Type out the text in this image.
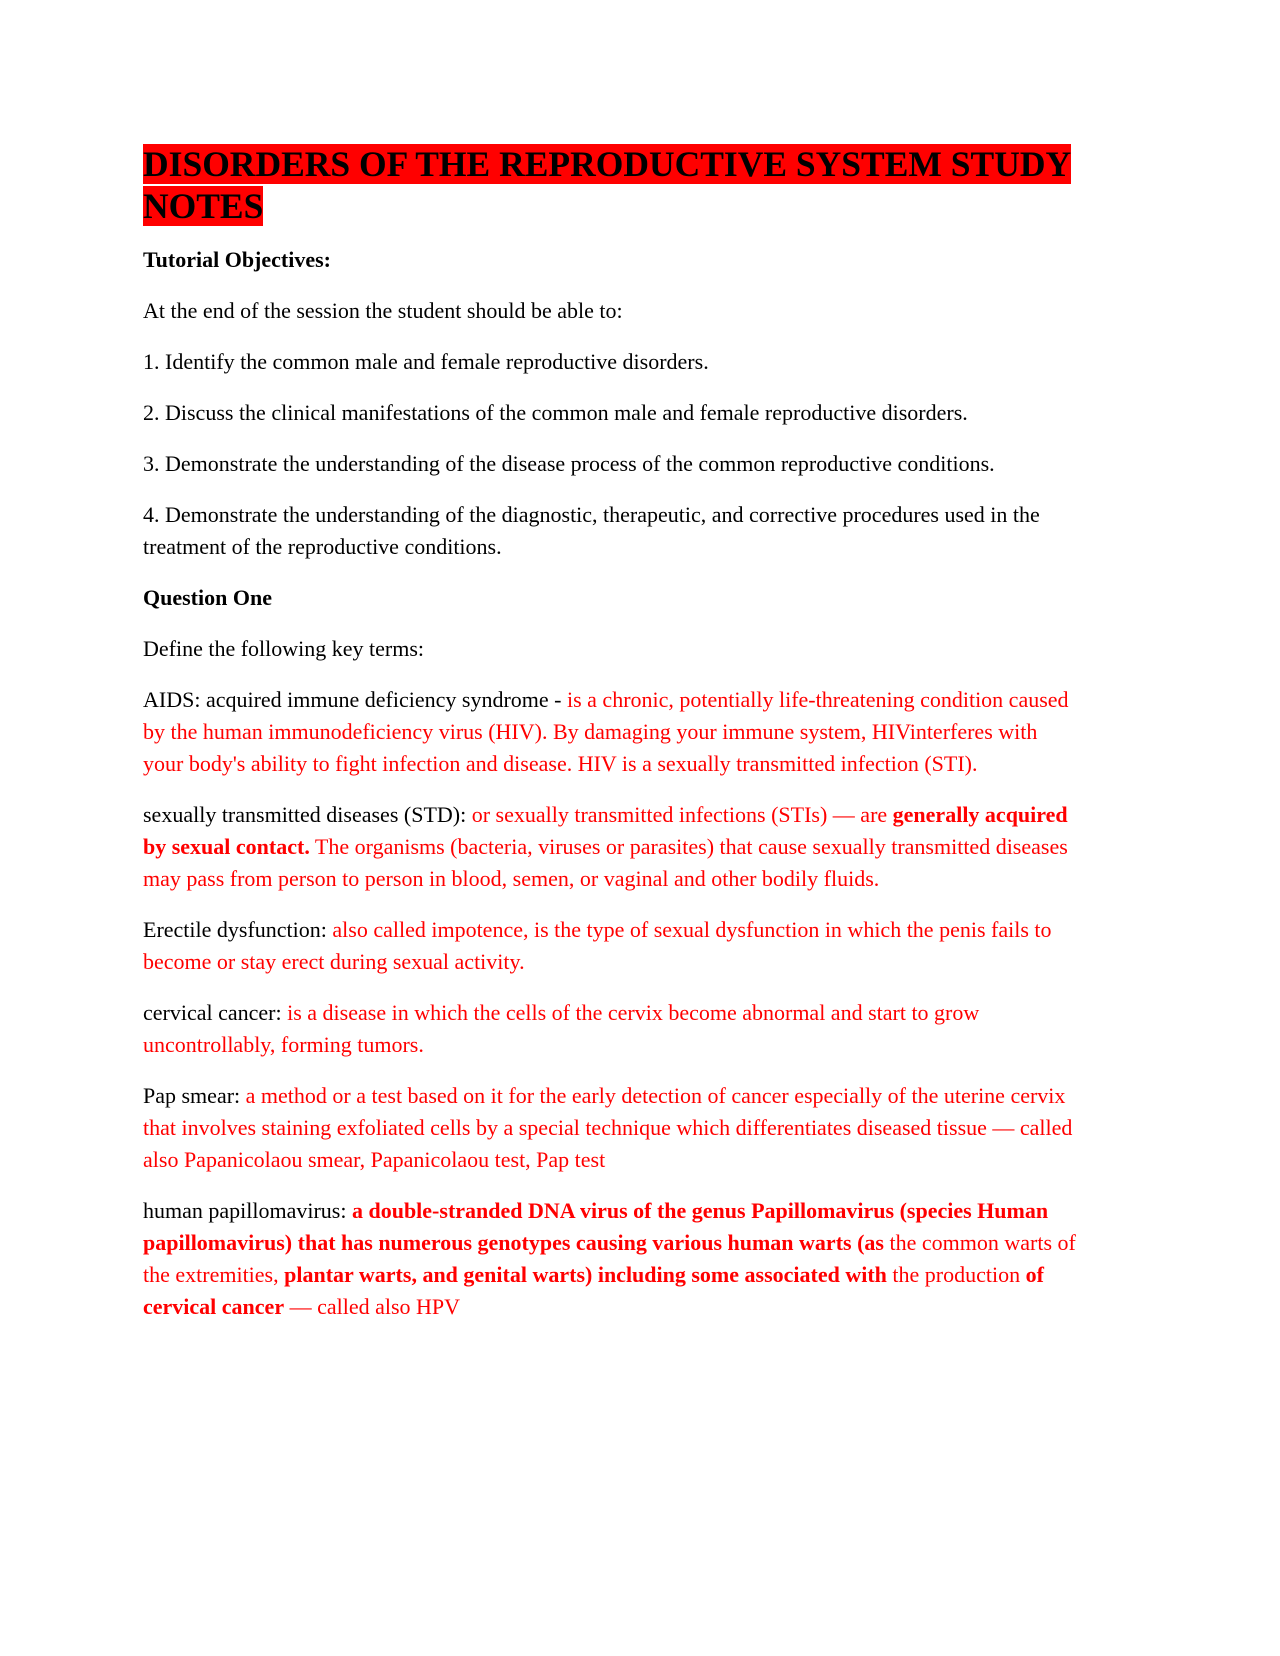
DISORDERS OF THE REPRODUCTIVE SYSTEM STUDY NOTES

Tutorial Objectives:

At the end of the session the student should be able to:

1. Identify the common male and female reproductive disorders.

2. Discuss the clinical manifestations of the common male and female reproductive disorders.

3. Demonstrate the understanding of the disease process of the common reproductive conditions.

4. Demonstrate the understanding of the diagnostic, therapeutic, and corrective procedures used in the treatment of the reproductive conditions.

Question One

Define the following key terms:

AIDS: acquired immune deficiency syndrome - is a chronic, potentially life-threatening condition caused by the human immunodeficiency virus (HIV). By damaging your immune system, HIVinterferes with your body's ability to fight infection and disease. HIV is a sexually transmitted infection (STI).

sexually transmitted diseases (STD): or sexually transmitted infections (STIs) — are generally acquired by sexual contact. The organisms (bacteria, viruses or parasites) that cause sexually transmitted diseases may pass from person to person in blood, semen, or vaginal and other bodily fluids.

Erectile dysfunction: also called impotence, is the type of sexual dysfunction in which the penis fails to become or stay erect during sexual activity.

cervical cancer: is a disease in which the cells of the cervix become abnormal and start to grow uncontrollably, forming tumors.

Pap smear: a method or a test based on it for the early detection of cancer especially of the uterine cervix that involves staining exfoliated cells by a special technique which differentiates diseased tissue — called also Papanicolaou smear, Papanicolaou test, Pap test

human papillomavirus: a double-stranded DNA virus of the genus Papillomavirus (species Human papillomavirus) that has numerous genotypes causing various human warts (as the common warts of the extremities, plantar warts, and genital warts) including some associated with the production of cervical cancer — called also HPV
